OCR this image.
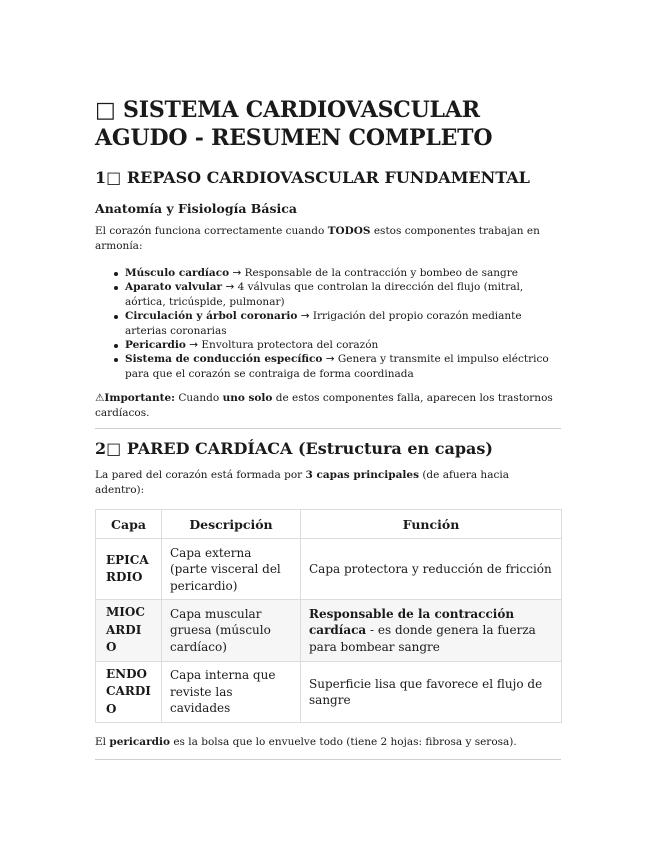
□ SISTEMA CARDIOVASCULAR AGUDO - RESUMEN COMPLETO
1□ REPASO CARDIOVASCULAR FUNDAMENTAL
Anatomía y Fisiología Básica

El corazón funciona correctamente cuando TODOS estos componentes trabajan en armonía:

Músculo cardíaco → Responsable de la contracción y bombeo de sangre
Aparato valvular → 4 válvulas que controlan la dirección del flujo (mitral, aórtica, tricúspide, pulmonar)
Circulación y árbol coronario → Irrigación del propio corazón mediante arterias coronarias
Pericardio → Envoltura protectora del corazón
Sistema de conducción específico → Genera y transmite el impulso eléctrico para que el corazón se contraiga de forma coordinada

⚠Importante: Cuando uno solo de estos componentes falla, aparecen los trastornos cardíacos.

2□ PARED CARDÍACA (Estructura en capas)

La pared del corazón está formada por 3 capas principales (de afuera hacia adentro):

Capa	Descripción	Función
EPICARDIO	Capa externa (parte visceral del pericardio)	Capa protectora y reducción de fricción
MIOCARDIO	Capa muscular gruesa (músculo cardíaco)	Responsable de la contracción cardíaca - es donde genera la fuerza para bombear sangre
ENDOCARDIO	Capa interna que reviste las cavidades	Superficie lisa que favorece el flujo de sangre

El pericardio es la bolsa que lo envuelve todo (tiene 2 hojas: fibrosa y serosa).
